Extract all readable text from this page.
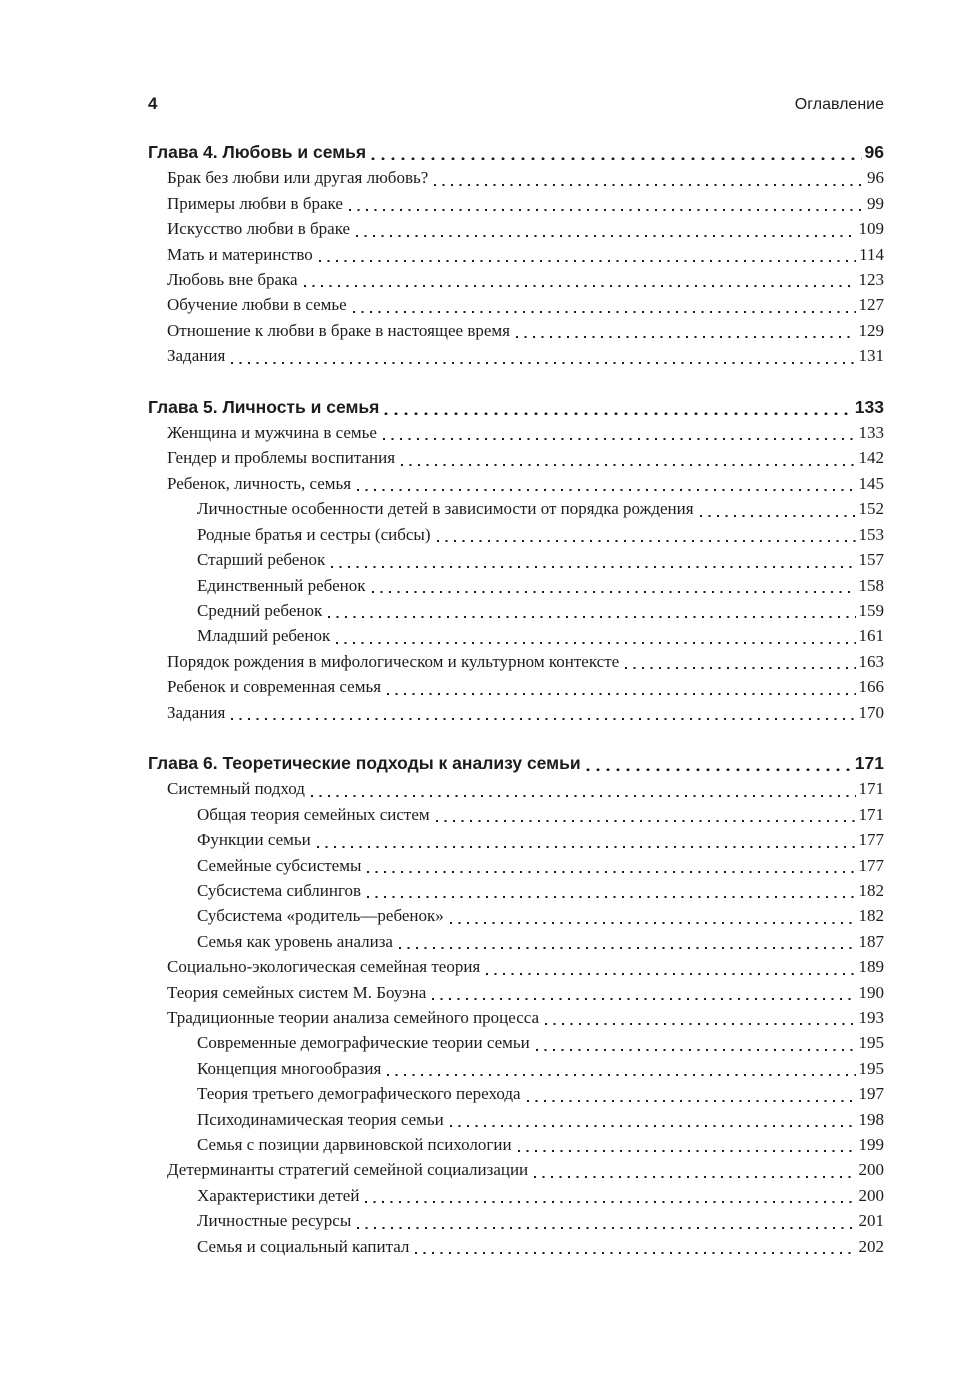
4	Оглавление
Глава 4. Любовь и семья	96
Брак без любви или другая любовь?	96
Примеры любви в браке	99
Искусство любви в браке	109
Мать и материнство	114
Любовь вне брака	123
Обучение любви в семье	127
Отношение к любви в браке в настоящее время	129
Задания	131
Глава 5. Личность и семья	133
Женщина и мужчина в семье	133
Гендер и проблемы воспитания	142
Ребенок, личность, семья	145
Личностные особенности детей в зависимости от порядка рождения	152
Родные братья и сестры (сибсы)	153
Старший ребенок	157
Единственный ребенок	158
Средний ребенок	159
Младший ребенок	161
Порядок рождения в мифологическом и культурном контексте	163
Ребенок и современная семья	166
Задания	170
Глава 6. Теоретические подходы к анализу семьи	171
Системный подход	171
Общая теория семейных систем	171
Функции семьи	177
Семейные субсистемы	177
Субсистема сиблингов	182
Субсистема «родитель—ребенок»	182
Семья как уровень анализа	187
Социально-экологическая семейная теория	189
Теория семейных систем М. Боуэна	190
Традиционные теории анализа семейного процесса	193
Современные демографические теории семьи	195
Концепция многообразия	195
Теория третьего демографического перехода	197
Психодинамическая теория семьи	198
Семья с позиции дарвиновской психологии	199
Детерминанты стратегий семейной социализации	200
Характеристики детей	200
Личностные ресурсы	201
Семья и социальный капитал	202
